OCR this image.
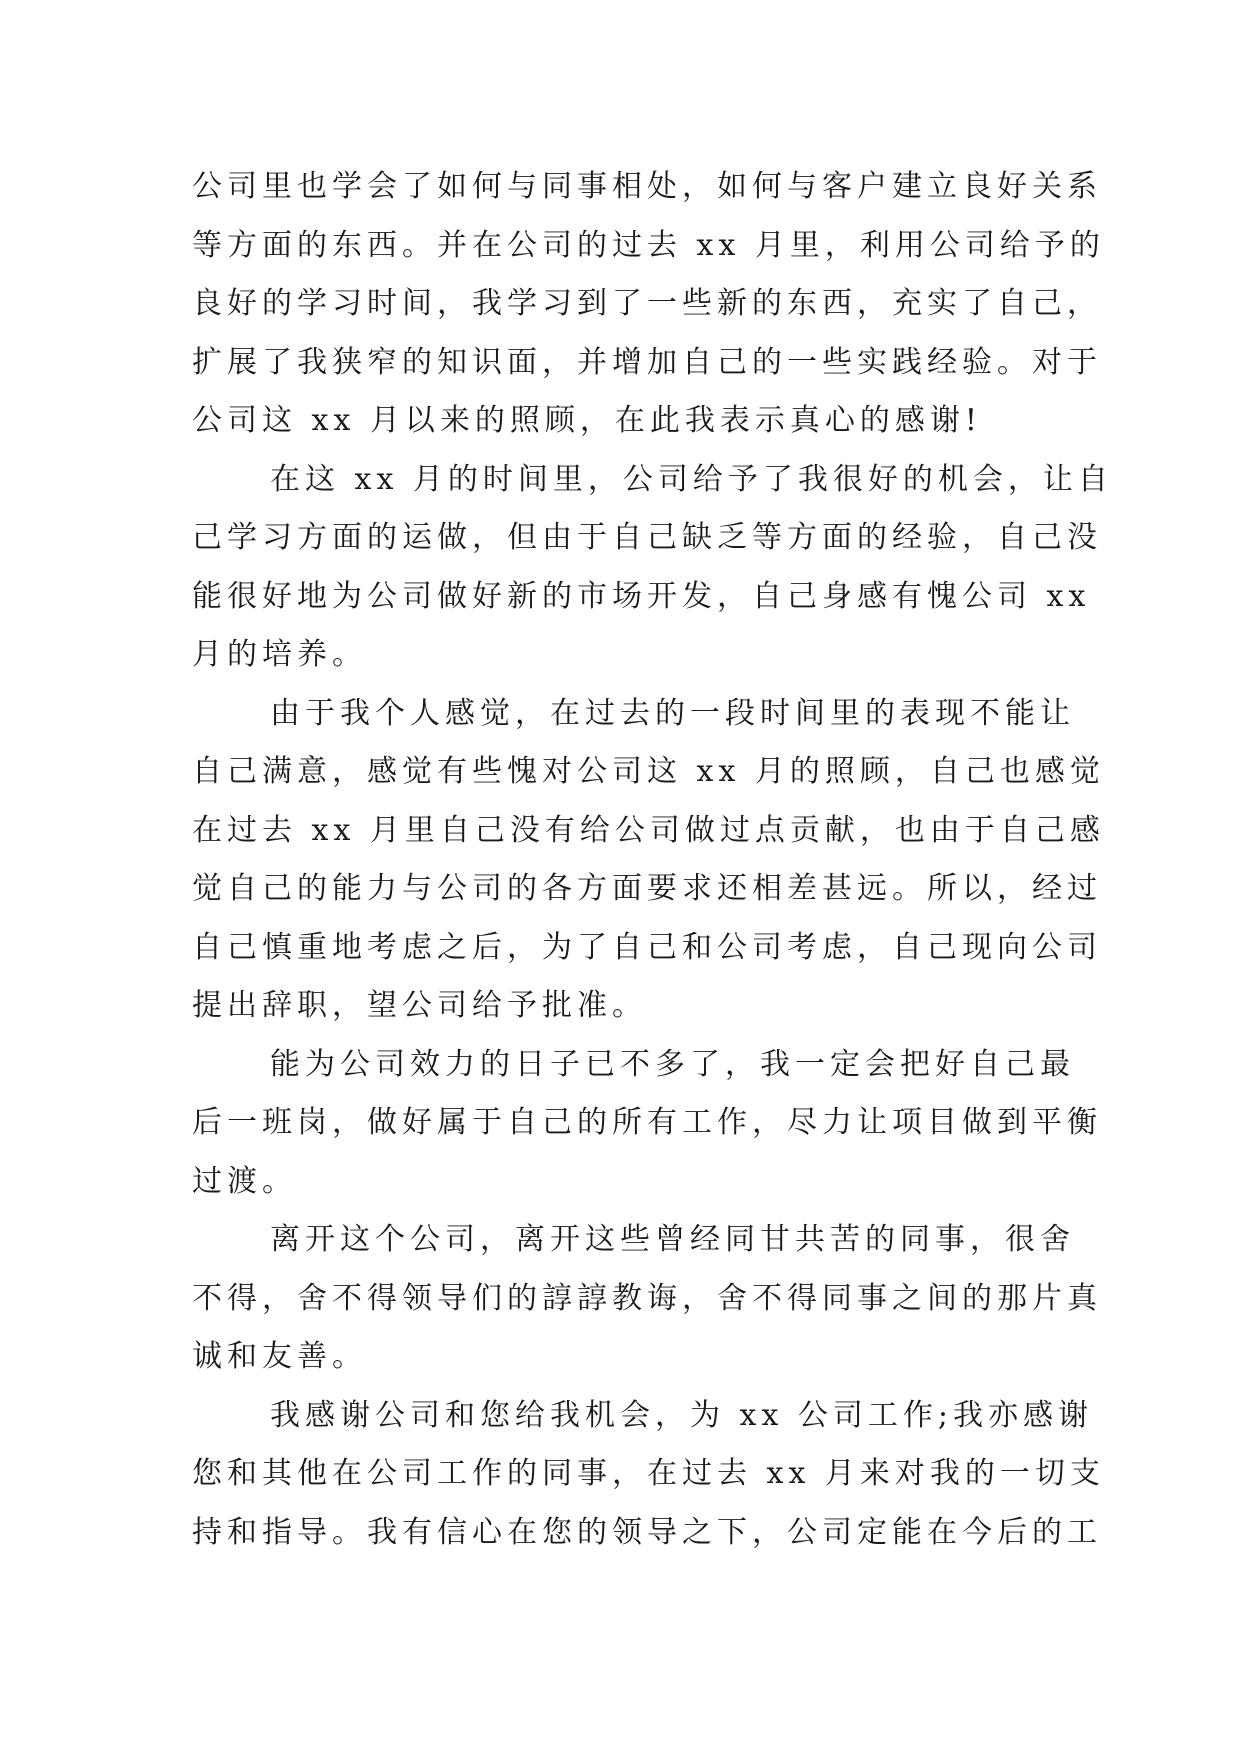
公司里也学会了如何与同事相处，如何与客户建立良好关系
等方面的东西。并在公司的过去 xx 月里，利用公司给予的
良好的学习时间，我学习到了一些新的东西，充实了自己，
扩展了我狭窄的知识面，并增加自己的一些实践经验。对于
公司这 xx 月以来的照顾，在此我表示真心的感谢!
在这 xx 月的时间里，公司给予了我很好的机会，让自
己学习方面的运做，但由于自己缺乏等方面的经验，自己没
能很好地为公司做好新的市场开发，自己身感有愧公司 xx
月的培养。
由于我个人感觉，在过去的一段时间里的表现不能让
自己满意，感觉有些愧对公司这 xx 月的照顾，自己也感觉
在过去 xx 月里自己没有给公司做过点贡献，也由于自己感
觉自己的能力与公司的各方面要求还相差甚远。所以，经过
自己慎重地考虑之后，为了自己和公司考虑，自己现向公司
提出辞职，望公司给予批准。
能为公司效力的日子已不多了，我一定会把好自己最
后一班岗，做好属于自己的所有工作，尽力让项目做到平衡
过渡。
离开这个公司，离开这些曾经同甘共苦的同事，很舍
不得，舍不得领导们的諄諄教诲，舍不得同事之间的那片真
诚和友善。
我感谢公司和您给我机会，为 xx 公司工作;我亦感谢
您和其他在公司工作的同事，在过去 xx 月来对我的一切支
持和指导。我有信心在您的领导之下，公司定能在今后的工
